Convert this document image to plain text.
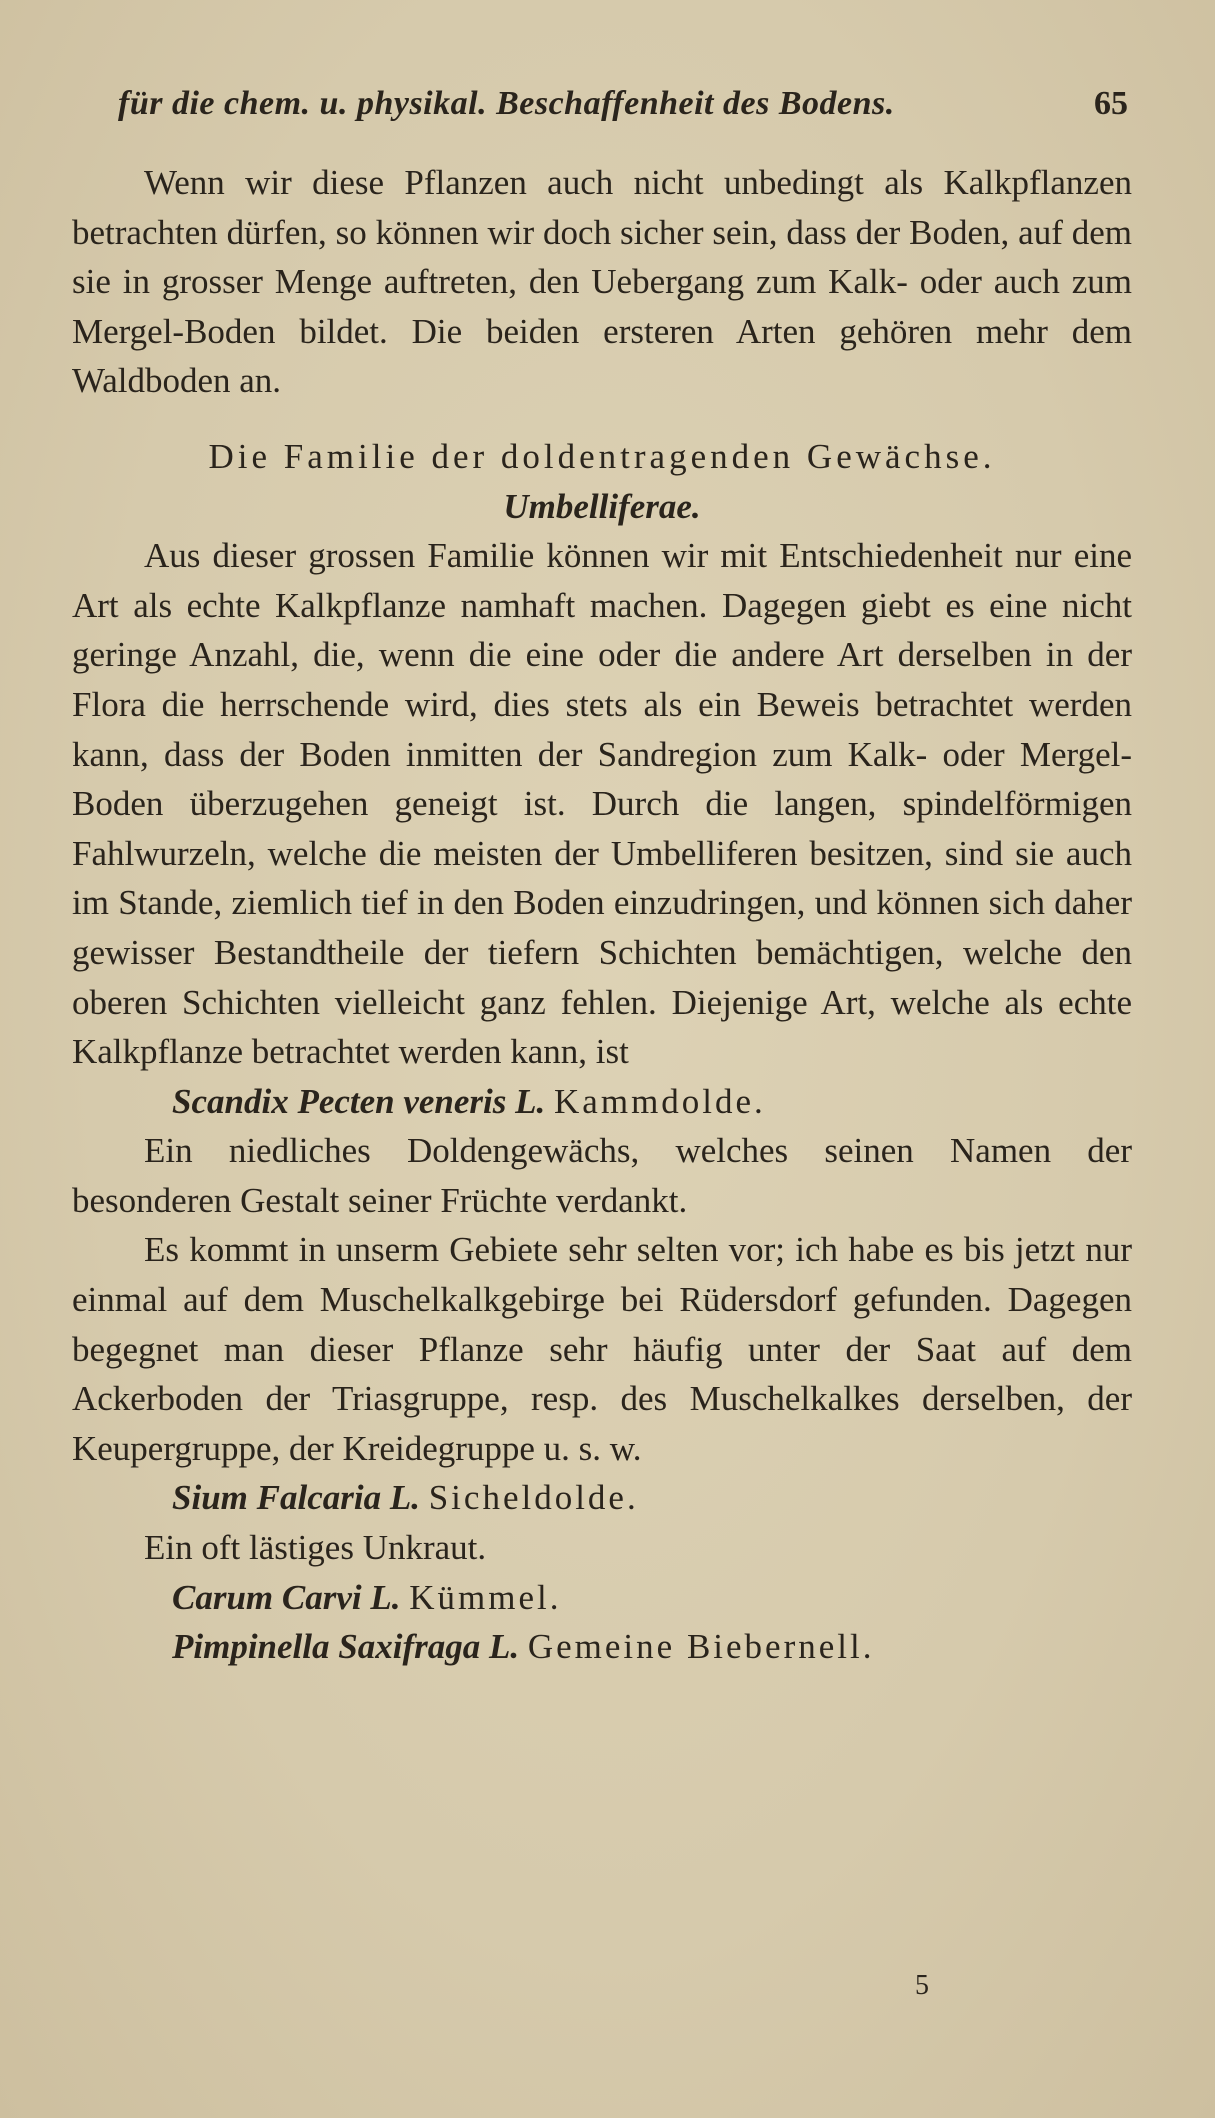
für die chem. u. physikal. Beschaffenheit des Bodens.	65

Wenn wir diese Pflanzen auch nicht unbedingt als Kalkpflanzen betrachten dürfen, so können wir doch sicher sein, dass der Boden, auf dem sie in grosser Menge auftreten, den Uebergang zum Kalk- oder auch zum Mergel-Boden bildet. Die beiden ersteren Arten gehören mehr dem Waldboden an.

Die Familie der doldentragenden Gewächse.

Umbelliferae.

Aus dieser grossen Familie können wir mit Entschiedenheit nur eine Art als echte Kalkpflanze namhaft machen. Dagegen giebt es eine nicht geringe Anzahl, die, wenn die eine oder die andere Art derselben in der Flora die herrschende wird, dies stets als ein Beweis betrachtet werden kann, dass der Boden inmitten der Sandregion zum Kalk- oder Mergel-Boden überzugehen geneigt ist. Durch die langen, spindelförmigen Fahlwurzeln, welche die meisten der Umbelliferen besitzen, sind sie auch im Stande, ziemlich tief in den Boden einzudringen, und können sich daher gewisser Bestandtheile der tiefern Schichten bemächtigen, welche den oberen Schichten vielleicht ganz fehlen. Diejenige Art, welche als echte Kalkpflanze betrachtet werden kann, ist

Scandix Pecten veneris L. Kammdolde.

Ein niedliches Doldengewächs, welches seinen Namen der besonderen Gestalt seiner Früchte verdankt.

Es kommt in unserm Gebiete sehr selten vor; ich habe es bis jetzt nur einmal auf dem Muschelkalkgebirge bei Rüdersdorf gefunden. Dagegen begegnet man dieser Pflanze sehr häufig unter der Saat auf dem Ackerboden der Triasgruppe, resp. des Muschelkalkes derselben, der Keupergruppe, der Kreidegruppe u. s. w.

Sium Falcaria L. Sicheldolde.

Ein oft lästiges Unkraut.

Carum Carvi L. Kümmel.

Pimpinella Saxifraga L. Gemeine Biebernell.

5
